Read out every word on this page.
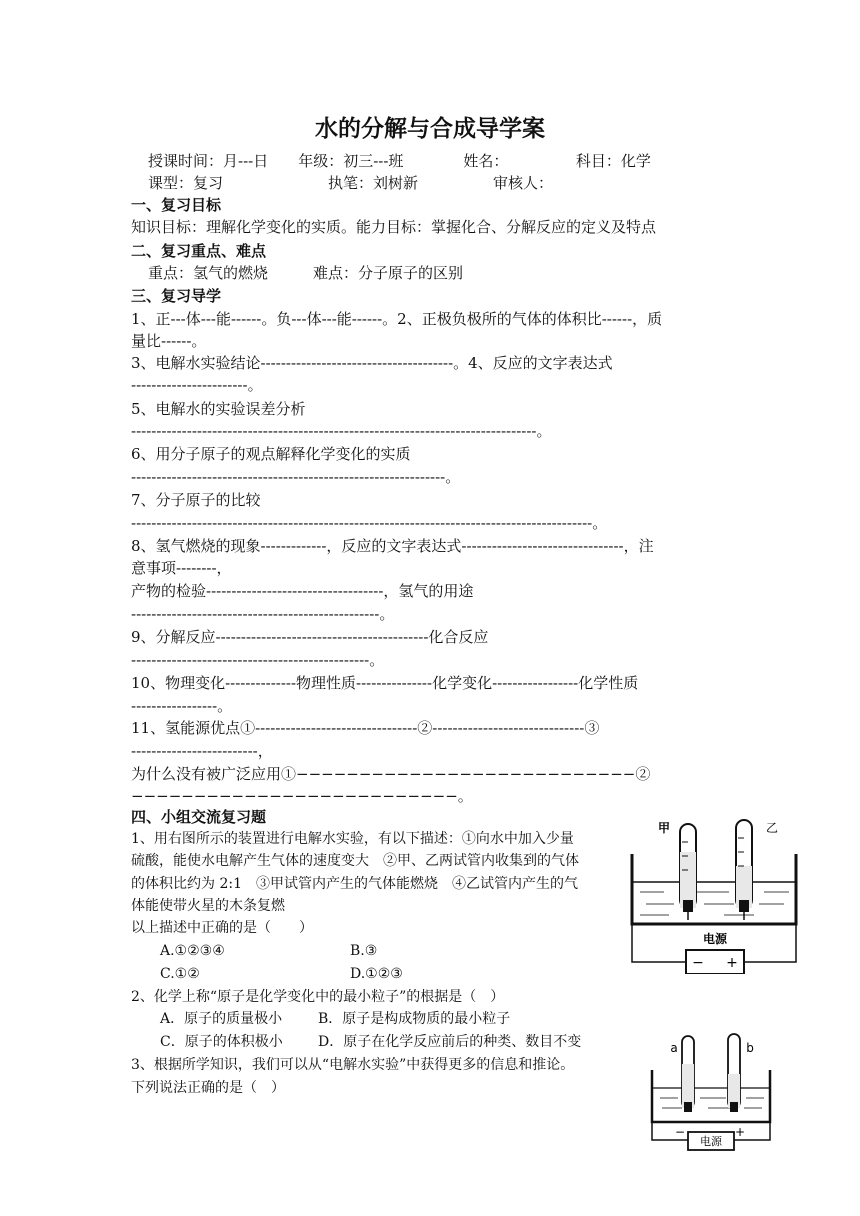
水的分解与合成导学案
授课时间：月---日　　年级：初三---班　　　　姓名：　　　　　科目：化学
课型：复习　　　　　　　执笔：刘树新　　　　　审核人：
一、复习目标
知识目标：理解化学变化的实质。能力目标：掌握化合、分解反应的定义及特点
二、复习重点、难点
重点：氢气的燃烧　　　难点：分子原子的区别
三、复习导学
1、正---体---能------。负---体---能------。2、正极负极所的气体的体积比------，质
量比------。
3、电解水实验结论--------------------------------------。4、反应的文字表达式
-----------------------。
5、电解水的实验误差分析
--------------------------------------------------------------------------------。
6、用分子原子的观点解释化学变化的实质
--------------------------------------------------------------。
7、分子原子的比较
-------------------------------------------------------------------------------------------。
8、氢气燃烧的现象-------------，反应的文字表达式--------------------------------，注
意事项--------，
产物的检验-----------------------------------，氢气的用途
-------------------------------------------------。
9、分解反应------------------------------------------化合反应
-----------------------------------------------。
10、物理变化--------------物理性质---------------化学变化-----------------化学性质
-----------------。
11、氢能源优点①--------------------------------②------------------------------③
-------------------------，
为什么没有被广泛应用①−−−−−−−−−−−−−−−−−−−−−−−−−−−②
−−−−−−−−−−−−−−−−−−−−−−−−−−。
四、小组交流复习题
1、用右图所示的装置进行电解水实验，有以下描述：①向水中加入少量
硫酸，能使水电解产生气体的速度变大　②甲、乙两试管内收集到的气体
的体积比约为 2:1　③甲试管内产生的气体能燃烧　④乙试管内产生的气
体能使带火星的木条复燃
以上描述中正确的是（　　）
A.①②③④	B.③
C.①②	D.①②③
2、化学上称“原子是化学变化中的最小粒子”的根据是（　）
A．原子的质量极小	B．原子是构成物质的最小粒子
C．原子的体积极小	D．原子在化学反应前后的种类、数目不变
3、根据所学知识，我们可以从“电解水实验”中获得更多的信息和推论。
下列说法正确的是（　）
电源
− +
甲	乙
电源
−	+
a	b
